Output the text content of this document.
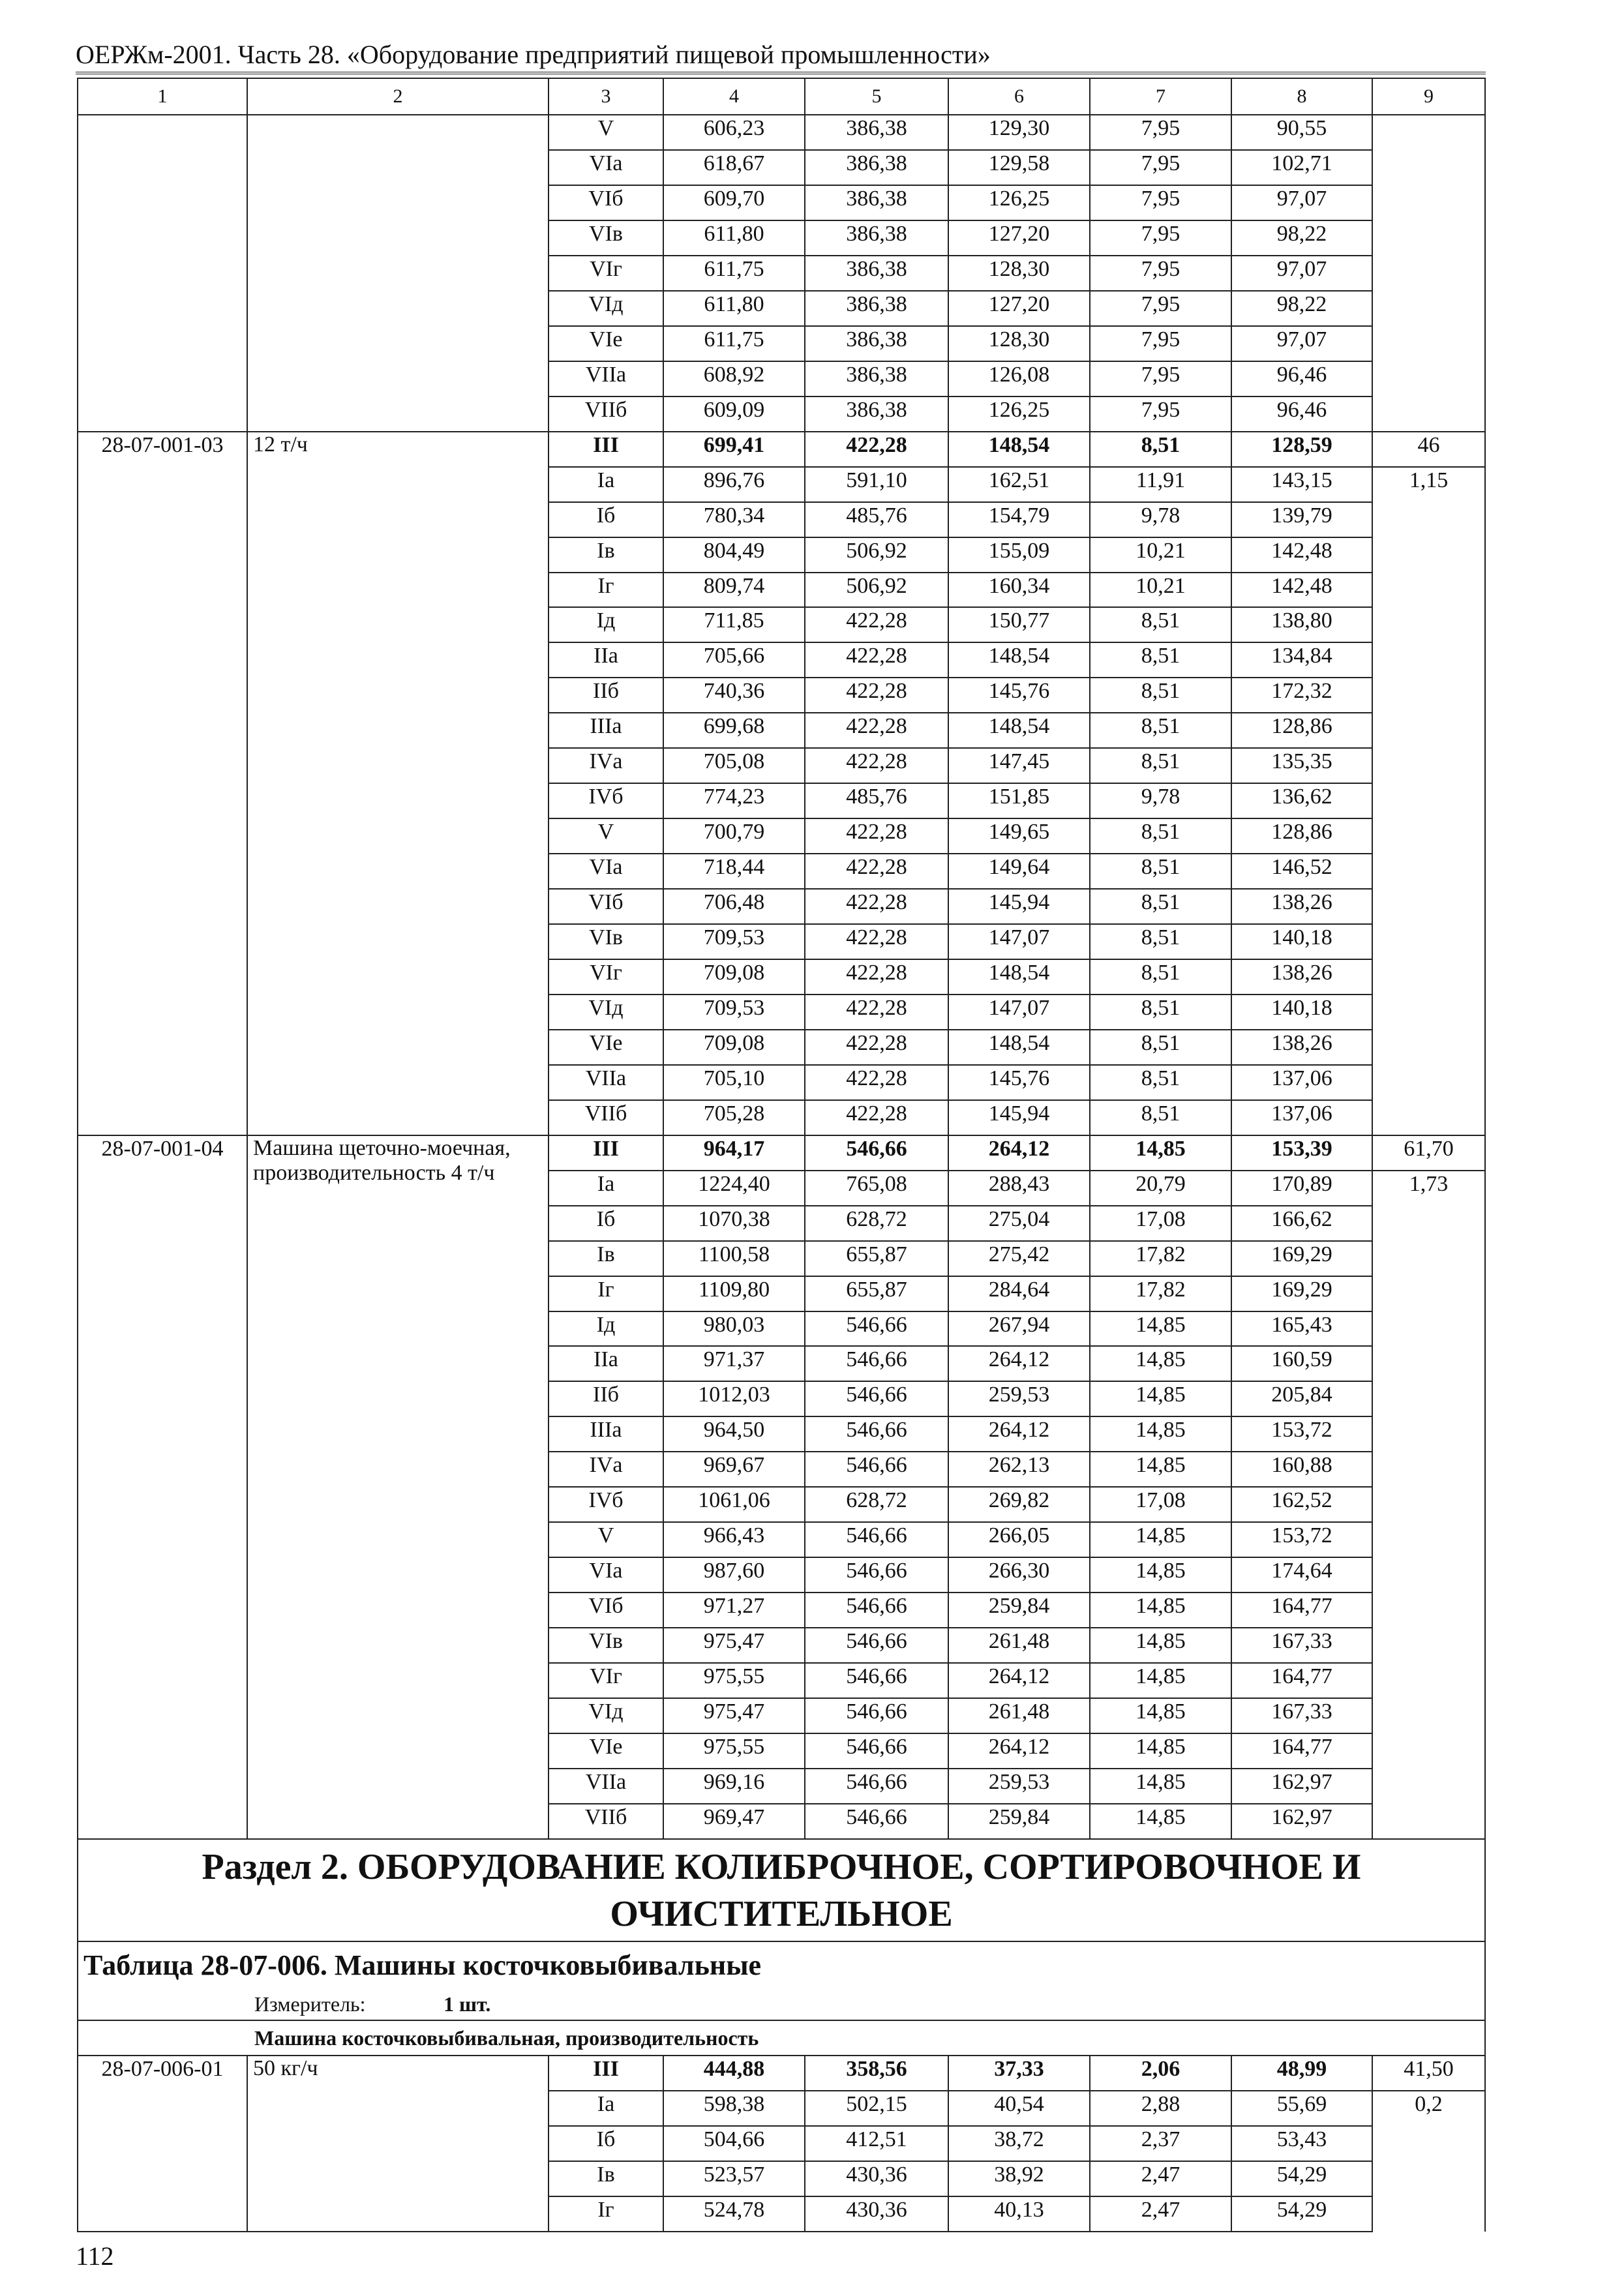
ОЕРЖм-2001. Часть 28. «Оборудование предприятий пищевой промышленности»
1	2	3	4	5	6	7	8	9
		V	606,23	386,38	129,30	7,95	90,55	
		VIа	618,67	386,38	129,58	7,95	102,71	
		VIб	609,70	386,38	126,25	7,95	97,07	
		VIв	611,80	386,38	127,20	7,95	98,22	
		VIг	611,75	386,38	128,30	7,95	97,07	
		VIд	611,80	386,38	127,20	7,95	98,22	
		VIе	611,75	386,38	128,30	7,95	97,07	
		VIIа	608,92	386,38	126,08	7,95	96,46	
		VIIб	609,09	386,38	126,25	7,95	96,46	
28-07-001-03	12 т/ч	III	699,41	422,28	148,54	8,51	128,59	46
		Iа	896,76	591,10	162,51	11,91	143,15	1,15
		Iб	780,34	485,76	154,79	9,78	139,79	
		Iв	804,49	506,92	155,09	10,21	142,48	
		Iг	809,74	506,92	160,34	10,21	142,48	
		Iд	711,85	422,28	150,77	8,51	138,80	
		IIа	705,66	422,28	148,54	8,51	134,84	
		IIб	740,36	422,28	145,76	8,51	172,32	
		IIIа	699,68	422,28	148,54	8,51	128,86	
		IVа	705,08	422,28	147,45	8,51	135,35	
		IVб	774,23	485,76	151,85	9,78	136,62	
		V	700,79	422,28	149,65	8,51	128,86	
		VIа	718,44	422,28	149,64	8,51	146,52	
		VIб	706,48	422,28	145,94	8,51	138,26	
		VIв	709,53	422,28	147,07	8,51	140,18	
		VIг	709,08	422,28	148,54	8,51	138,26	
		VIд	709,53	422,28	147,07	8,51	140,18	
		VIе	709,08	422,28	148,54	8,51	138,26	
		VIIа	705,10	422,28	145,76	8,51	137,06	
		VIIб	705,28	422,28	145,94	8,51	137,06	
28-07-001-04	Машина щеточно-моечная, производительность 4 т/ч	III	964,17	546,66	264,12	14,85	153,39	61,70
		Iа	1224,40	765,08	288,43	20,79	170,89	1,73
		Iб	1070,38	628,72	275,04	17,08	166,62	
		Iв	1100,58	655,87	275,42	17,82	169,29	
		Iг	1109,80	655,87	284,64	17,82	169,29	
		Iд	980,03	546,66	267,94	14,85	165,43	
		IIа	971,37	546,66	264,12	14,85	160,59	
		IIб	1012,03	546,66	259,53	14,85	205,84	
		IIIа	964,50	546,66	264,12	14,85	153,72	
		IVа	969,67	546,66	262,13	14,85	160,88	
		IVб	1061,06	628,72	269,82	17,08	162,52	
		V	966,43	546,66	266,05	14,85	153,72	
		VIа	987,60	546,66	266,30	14,85	174,64	
		VIб	971,27	546,66	259,84	14,85	164,77	
		VIв	975,47	546,66	261,48	14,85	167,33	
		VIг	975,55	546,66	264,12	14,85	164,77	
		VIд	975,47	546,66	261,48	14,85	167,33	
		VIе	975,55	546,66	264,12	14,85	164,77	
		VIIа	969,16	546,66	259,53	14,85	162,97	
		VIIб	969,47	546,66	259,84	14,85	162,97	
Раздел 2. ОБОРУДОВАНИЕ КОЛИБРОЧНОЕ, СОРТИРОВОЧНОЕ И ОЧИСТИТЕЛЬНОЕ								
Таблица 28-07-006. Машины косточковыбивальные								
Измеритель: 1 шт.								
Машина косточковыбивальная, производительность								
28-07-006-01	50 кг/ч	III	444,88	358,56	37,33	2,06	48,99	41,50
		Iа	598,38	502,15	40,54	2,88	55,69	0,2
		Iб	504,66	412,51	38,72	2,37	53,43	
		Iв	523,57	430,36	38,92	2,47	54,29	
		Iг	524,78	430,36	40,13	2,47	54,29	
112
